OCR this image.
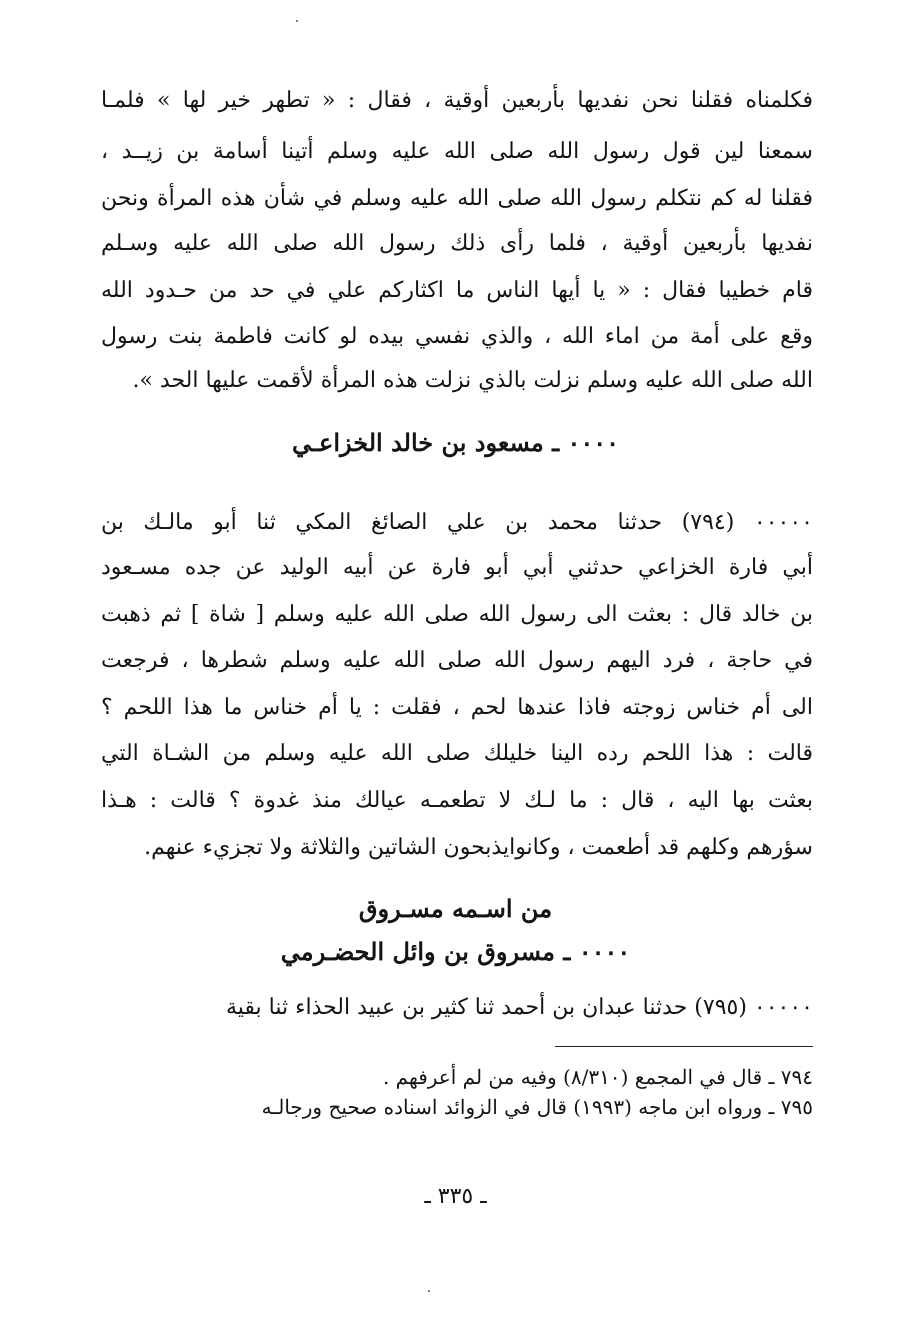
فكلمناه فقلنا نحن نفديها بأربعين أوقية ، فقال : « تطهر خير لها » فلمـا
سمعنا لين قول رسول الله صلى الله عليه وسلم أتينا أسامة بن زيــد ،
فقلنا له كم نتكلم رسول الله صلى الله عليه وسلم في شأن هذه المرأة ونحن
نفديها بأربعين أوقية ، فلما رأى ذلك رسول الله صلى الله عليه وسـلم
قام خطيبا فقال : « يا أيها الناس ما اكثاركم علي في حد من حـدود الله
وقع على أمة من اماء الله ، والذي نفسي بيده لو كانت فاطمة بنت رسول
الله صلى الله عليه وسلم نزلت بالذي نزلت هذه المرأة لأقمت عليها الحد ».
٠٠٠٠ ـ مسعود بن خالد الخزاعـي
٠٠٠٠٠ (٧٩٤) حدثنا محمد بن علي الصائغ المكي ثنا أبو مالـك بن
أبي فارة الخزاعي حدثني أبي أبو فارة عن أبيه الوليد عن جده مسـعود
بن خالد قال : بعثت الى رسول الله صلى الله عليه وسلم [ شاة ] ثم ذهبت
في حاجة ، فرد اليهم رسول الله صلى الله عليه وسلم شطرها ، فرجعت
الى أم خناس زوجته فاذا عندها لحم ، فقلت : يا أم خناس ما هذا اللحم ؟
قالت : هذا اللحم رده الينا خليلك صلى الله عليه وسلم من الشـاة التي
بعثت بها اليه ، قال : ما لـك لا تطعمـه عيالك منذ غدوة ؟ قالت : هـذا
سؤرهم وكلهم قد أطعمت ، وكانوايذبحون الشاتين والثلاثة ولا تجزيء عنهم.
من اسـمه مسـروق
٠٠٠٠ ـ مسروق بن وائل الحضـرمي
٠٠٠٠٠ (٧٩٥) حدثنا عبدان بن أحمد ثنا كثير بن عبيد الحذاء ثنا بقية
٧٩٤ ـ قال في المجمع (٨/٣١٠) وفيه من لم أعرفهم .
٧٩٥ ـ ورواه ابن ماجه (١٩٩٣) قال في الزوائد اسناده صحيح ورجالـه
ـ ٣٣٥ ـ
